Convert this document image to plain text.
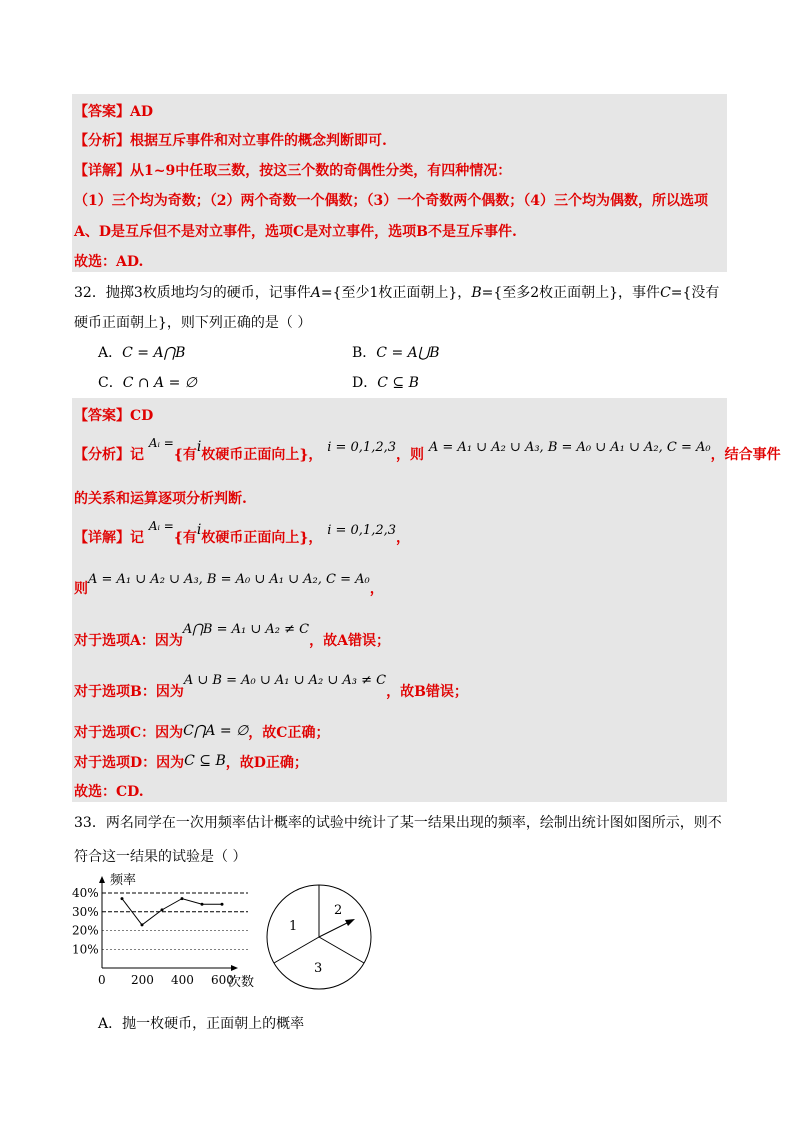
【答案】AD
【分析】根据互斥事件和对立事件的概念判断即可.
【详解】从1~9中任取三数，按这三个数的奇偶性分类，有四种情况：
（1）三个均为奇数；（2）两个奇数一个偶数；（3）一个奇数两个偶数；（4）三个均为偶数，所以选项
A、D是互斥但不是对立事件，选项C是对立事件，选项B不是互斥事件.
故选：AD.
32．抛掷3枚质地均匀的硬币，记事件A={至少1枚正面朝上}，B={至多2枚正面朝上}，事件C={没有
硬币正面朝上}，则下列正确的是（ ）
A．C = A⋂B	B．C = A⋃B
C．C ∩ A = ∅	D．C ⊆ B
【答案】CD
【分析】记 Aᵢ ={有i枚硬币正面向上}， i = 0,1,2,3，则 A = A₁ ∪ A₂ ∪ A₃, B = A₀ ∪ A₁ ∪ A₂, C = A₀，结合事件
的关系和运算逐项分析判断.
【详解】记 Aᵢ ={有i枚硬币正面向上}， i = 0,1,2,3，
则A = A₁ ∪ A₂ ∪ A₃, B = A₀ ∪ A₁ ∪ A₂, C = A₀，
对于选项A：因为A⋂B = A₁ ∪ A₂ ≠ C，故A错误；
对于选项B：因为A ∪ B = A₀ ∪ A₁ ∪ A₂ ∪ A₃ ≠ C，故B错误；
对于选项C：因为C⋂A = ∅，故C正确；
对于选项D：因为C ⊆ B，故D正确；
故选：CD.
33．两名同学在一次用频率估计概率的试验中统计了某一结果出现的频率，绘制出统计图如图所示，则不
符合这一结果的试验是（ ）
频率
次数
40%
30%
20%
10%
0 200 400 600
1
2
3
A．抛一枚硬币，正面朝上的概率
